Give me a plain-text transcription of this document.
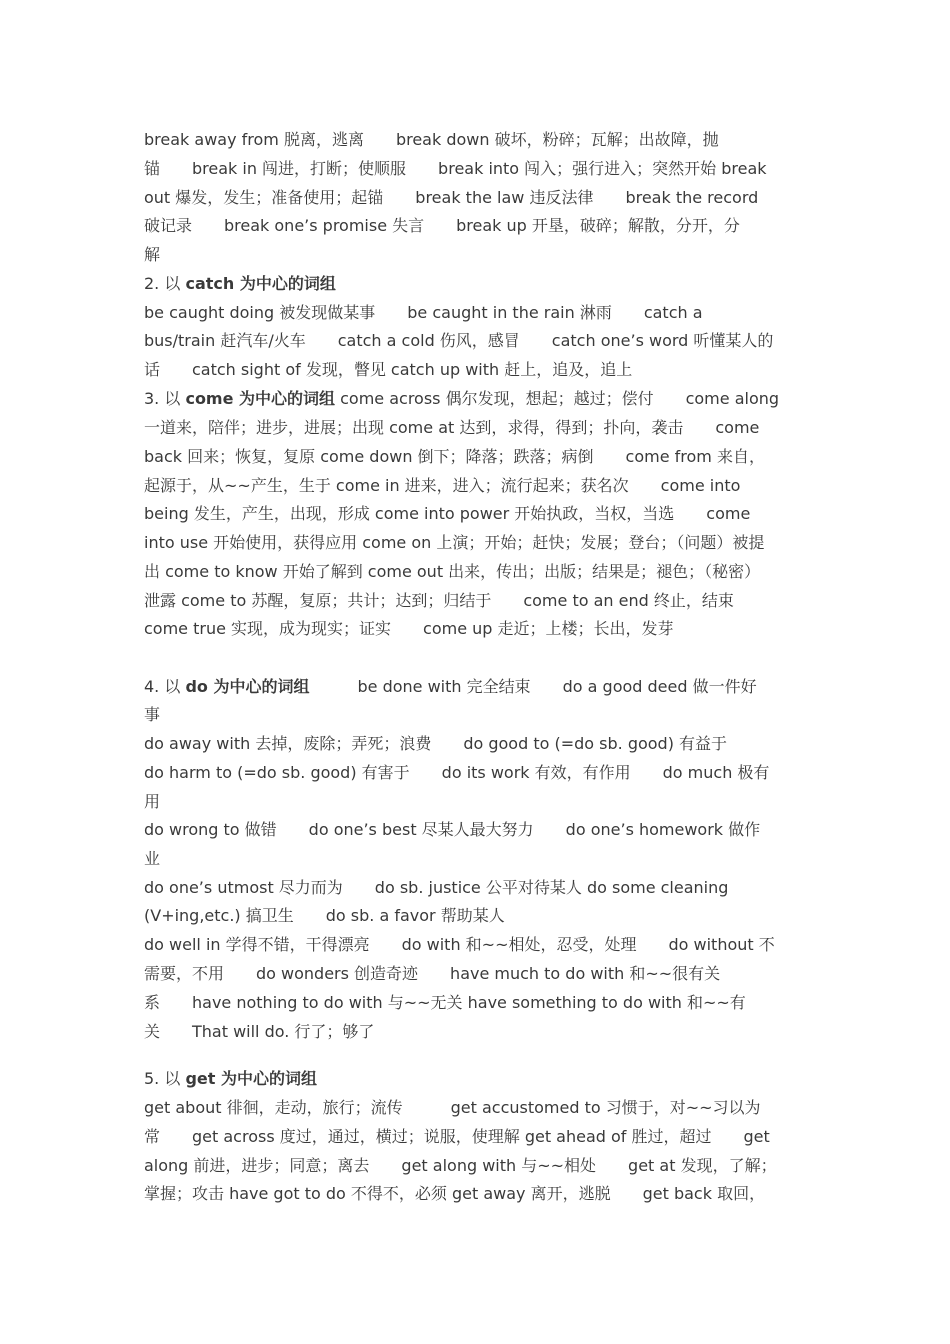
break away from 脱离，逃离　　break down 破坏，粉碎；瓦解；出故障，抛
锚　　break in 闯进，打断；使顺服　　break into 闯入；强行进入；突然开始 break
out 爆发，发生；准备使用；起锚　　break the law 违反法律　　break the record
破记录　　break one’s promise 失言　　break up 开垦，破碎；解散，分开，分
解
2. 以 catch 为中心的词组
be caught doing 被发现做某事　　be caught in the rain 淋雨　　catch a
bus/train 赶汽车/火车　　catch a cold 伤风，感冒　　catch one’s word 听懂某人的
话　　catch sight of 发现，瞥见 catch up with 赶上，追及，追上
3. 以 come 为中心的词组 come across 偶尔发现，想起；越过；偿付　　come along
一道来，陪伴；进步，进展；出现 come at 达到，求得，得到；扑向，袭击　　come
back 回来；恢复，复原 come down 倒下；降落；跌落；病倒　　come from 来自，
起源于，从~~产生，生于 come in 进来，进入；流行起来；获名次　　come into
being 发生，产生，出现，形成 come into power 开始执政，当权，当选　　come
into use 开始使用，获得应用 come on 上演；开始；赶快；发展；登台；（问题）被提
出 come to know 开始了解到 come out 出来，传出；出版；结果是；褪色；（秘密）
泄露 come to 苏醒，复原；共计；达到；归结于　　come to an end 终止，结束
come true 实现，成为现实；证实　　come up 走近；上楼；长出，发芽
4. 以 do 为中心的词组　　　be done with 完全结束　　do a good deed 做一件好
事
do away with 去掉，废除；弄死；浪费　　do good to (=do sb. good) 有益于
do harm to (=do sb. good) 有害于　　do its work 有效，有作用　　do much 极有
用
do wrong to 做错　　do one’s best 尽某人最大努力　　do one’s homework 做作
业
do one’s utmost 尽力而为　　do sb. justice 公平对待某人 do some cleaning
(V+ing,etc.) 搞卫生　　do sb. a favor 帮助某人
do well in 学得不错，干得漂亮　　do with 和~~相处，忍受，处理　　do without 不
需要，不用　　do wonders 创造奇迹　　have much to do with 和~~很有关
系　　have nothing to do with 与~~无关 have something to do with 和~~有
关　　That will do. 行了；够了
5. 以 get 为中心的词组
get about 徘徊，走动，旅行；流传　　　get accustomed to 习惯于，对~~习以为
常　　get across 度过，通过，横过；说服，使理解 get ahead of 胜过，超过　　get
along 前进，进步；同意；离去　　get along with 与~~相处　　get at 发现，了解；
掌握；攻击 have got to do 不得不，必须 get away 离开，逃脱　　get back 取回，
